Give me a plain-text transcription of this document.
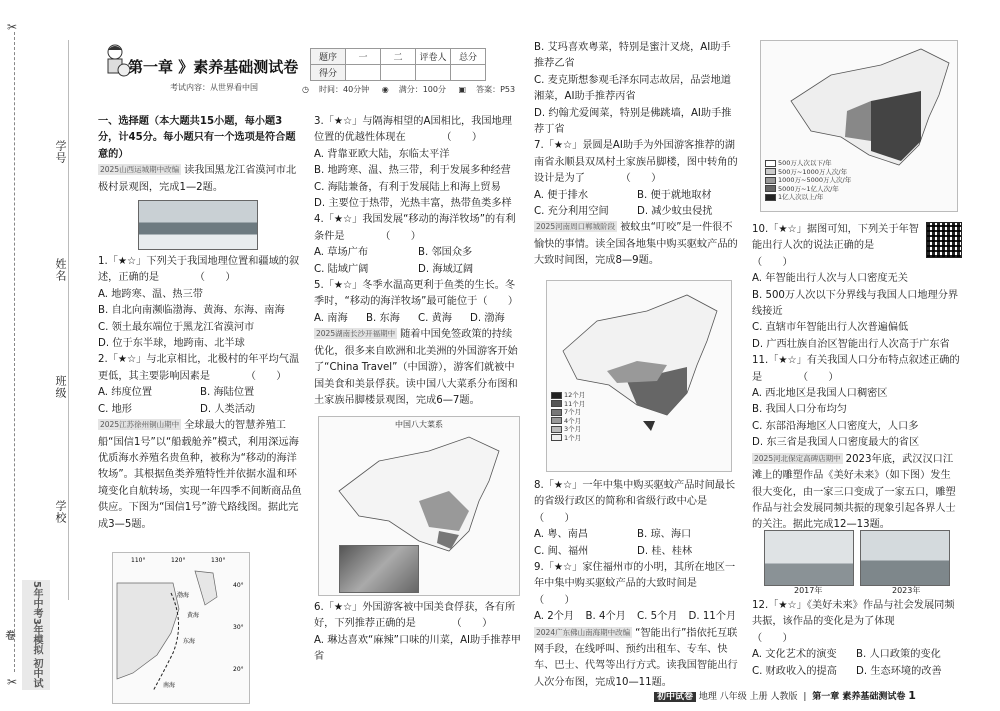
✂
✂
学号
姓名
班级
学校
5年中考3年模拟 初中试卷
第一章 》素养基础测试卷
考试内容：从世界看中国
题序	一	二	评卷人	总分
得分				
◷ 时间：40分钟 ◉ 满分：100分 ▣ 答案：P53

一、选择题（本大题共15小题，每小题3分，计45分。每小题只有一个选项是符合题意的）

2025山西运城期中改编 读我国黑龙江省漠河市北极村景观图，完成1—2题。

1.「★☆」下列关于我国地理位置和疆域的叙述，正确的是　　　　（　　）

A. 地跨寒、温、热三带

B. 自北向南濒临渤海、黄海、东海、南海

C. 领土最东端位于黑龙江省漠河市

D. 位于东半球，地跨南、北半球

2.「★☆」与北京相比，北极村的年平均气温更低，其主要影响因素是　　　　（　　）

A. 纬度位置	B. 海陆位置
C. 地形	D. 人类活动

2025江苏徐州铜山期中 全球最大的智慧养殖工船“国信1号”以“船载舱养”模式，利用深远海优质海水养殖名贵鱼种，被称为“移动的海洋牧场”。其根据鱼类养殖特性并依据水温和环境变化自航转场，实现一年四季不间断商品鱼供应。下图为“国信1号”游弋路线图。据此完成3—5题。

110°	120°	130°
40°
30°
20°
渤海
黄海
东海
南海

3.「★☆」与隔海相望的A国相比，我国地理位置的优越性体现在　　　　（　　）

A. 背靠亚欧大陆，东临太平洋

B. 地跨寒、温、热三带，利于发展多种经营

C. 海陆兼备，有利于发展陆上和海上贸易

D. 主要位于热带，光热丰富，热带鱼类多样

4.「★☆」我国发展“移动的海洋牧场”的有利条件是　　　　（　　）

A. 草场广布	B. 邻国众多
C. 陆域广阔	D. 海域辽阔

5.「★☆」冬季水温高更利于鱼类的生长。冬季时，“移动的海洋牧场”最可能位于（　　）

A. 南海	B. 东海	C. 黄海	D. 渤海

2025湖南长沙开福期中 随着中国免签政策的持续优化，很多来自欧洲和北美洲的外国游客开始了“China Travel”（中国游），游客们就被中国美食和美景俘获。读中国八大菜系分布图和土家族吊脚楼景观图，完成6—7题。

中国八大菜系

6.「★☆」外国游客被中国美食俘获，各有所好，下列推荐正确的是　　　　（　　）

A. 琳达喜欢“麻辣”口味的川菜，AI助手推荐甲省

B. 艾玛喜欢粤菜，特别是蜜汁叉烧，AI助手推荐乙省

C. 麦克斯想参观毛泽东同志故居，品尝地道湘菜，AI助手推荐丙省

D. 约翰尤爱闽菜，特别是佛跳墙，AI助手推荐丁省

7.「★☆」景圆是AI助手为外国游客推荐的湖南省永顺县双凤村土家族吊脚楼，图中转角的设计是为了　　　　（　　）

A. 便于排水	B. 便于就地取材
C. 充分利用空间	D. 减少蚊虫侵扰

2025河南周口郸城阶段 被蚊虫“叮咬”是一件很不愉快的事情。读全国各地集中购买驱蚊产品的大致时间图，完成8—9题。

12个月
11个月
7个月
4个月
3个月
1个月

8.「★☆」一年中集中购买驱蚊产品时间最长的省级行政区的简称和省级行政中心是　　　　（　　）

A. 粤、南昌	B. 琼、海口
C. 闽、福州	D. 桂、桂林

9.「★☆」家住福州市的小明，其所在地区一年中集中购买驱蚊产品的大致时间是　　（　　）

A. 2个月	B. 4个月	C. 5个月	D. 11个月

2024广东佛山南海期中改编 “智能出行”指依托互联网手段，在线呼叫、预约出租车、专车、快车、巴士、代驾等出行方式。读我国智能出行人次分布图，完成10—11题。

500万人次以下/年
500万~1000万人次/年
1000万~5000万人次/年
5000万~1亿人次/年
1亿人次以上/年

10.「★☆」据图可知，下列关于年智能出行人次的说法正确的是　　　　（　　）

A. 年智能出行人次与人口密度无关

B. 500万人次以下分界线与我国人口地理分界线接近

C. 直辖市年智能出行人次普遍偏低

D. 广西壮族自治区智能出行人次高于广东省

11.「★☆」有关我国人口分布特点叙述正确的是　　　　（　　）

A. 西北地区是我国人口稠密区

B. 我国人口分布均匀

C. 东部沿海地区人口密度大，人口多

D. 东三省是我国人口密度最大的省区

2025河北保定高碑店期中 2023年底，武汉汉口江滩上的雕塑作品《美好未来》（如下图）发生很大变化，由一家三口变成了一家五口，雕塑作品与社会发展同频共振的现象引起各界人士的关注。据此完成12—13题。

2017年	2023年

12.「★☆」《美好未来》作品与社会发展同频共振，该作品的变化是为了体现　　　　（　　）

A. 文化艺术的演变	B. 人口政策的变化
C. 财政收入的提高	D. 生态环境的改善
初中试卷 地理 八年级 上册 人教版 | 第一章 素养基础测试卷 1
